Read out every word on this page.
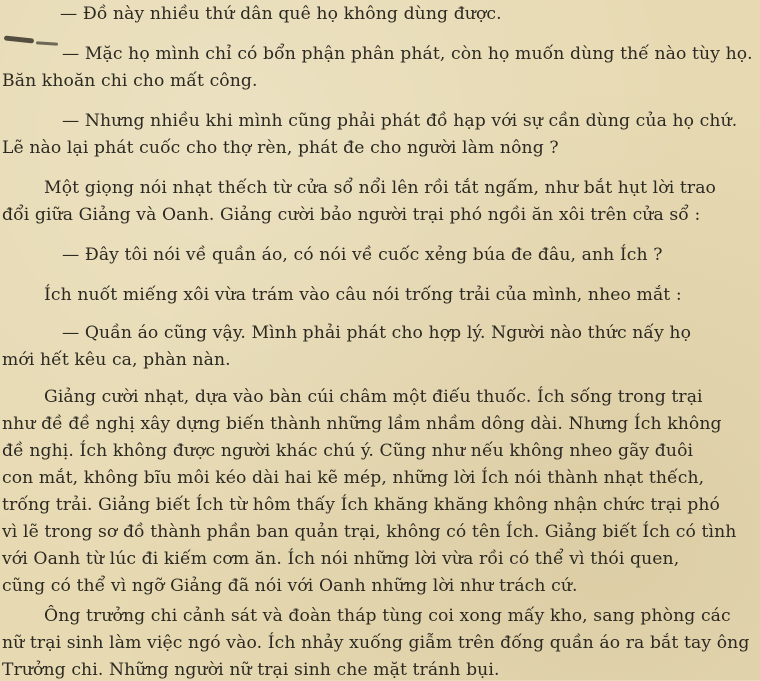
— Đồ này nhiều thứ dân quê họ không dùng được.
— Mặc họ mình chỉ có bổn phận phân phát, còn họ muốn dùng thế nào tùy họ.
Băn khoăn chi cho mất công.
— Nhưng nhiều khi mình cũng phải phát đồ hạp với sự cần dùng của họ chứ.
Lẽ nào lại phát cuốc cho thợ rèn, phát đe cho người làm nông ?
Một giọng nói nhạt thếch từ cửa sổ nổi lên rồi tắt ngấm, như bắt hụt lời trao
đổi giữa Giảng và Oanh. Giảng cười bảo người trại phó ngồi ăn xôi trên cửa sổ :
— Đây tôi nói về quần áo, có nói về cuốc xẻng búa đe đâu, anh Ích ?
Ích nuốt miếng xôi vừa trám vào câu nói trống trải của mình, nheo mắt :
— Quần áo cũng vậy. Mình phải phát cho hợp lý. Người nào thức nấy họ
mới hết kêu ca, phàn nàn.
Giảng cười nhạt, dựa vào bàn cúi châm một điếu thuốc. Ích sống trong trại
như đề đề nghị xây dựng biến thành những lầm nhầm dông dài. Nhưng Ích không
đề nghị. Ích không được người khác chú ý. Cũng như nếu không nheo gãy đuôi
con mắt, không bĩu môi kéo dài hai kẽ mép, những lời Ích nói thành nhạt thếch,
trống trải. Giảng biết Ích từ hôm thấy Ích khăng khăng không nhận chức trại phó
vì lẽ trong sơ đồ thành phần ban quản trại, không có tên Ích. Giảng biết Ích có tình
với Oanh từ lúc đi kiếm cơm ăn. Ích nói những lời vừa rồi có thể vì thói quen,
cũng có thể vì ngỡ Giảng đã nói với Oanh những lời như trách cứ.
Ông trưởng chi cảnh sát và đoàn tháp tùng coi xong mấy kho, sang phòng các
nữ trại sinh làm việc ngó vào. Ích nhảy xuống giẫm trên đống quần áo ra bắt tay ông
Trưởng chi. Những người nữ trại sinh che mặt tránh bụi.
